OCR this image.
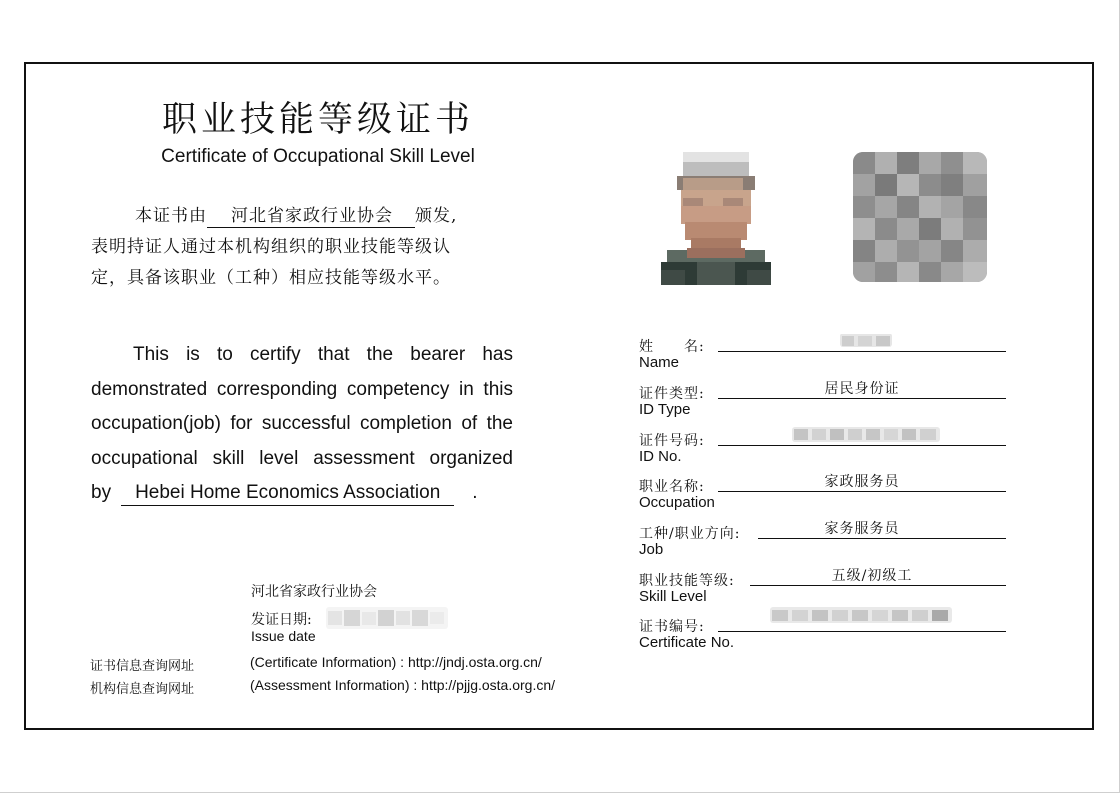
职业技能等级证书
Certificate of Occupational Skill Level
本证书由 河北省家政行业协会 颁发,
表明持证人通过本机构组织的职业技能等级认
定，具备该职业（工种）相应技能等级水平。
This is to certify that the bearer has
demonstrated corresponding competency in this
occupation(job) for successful completion of the
occupational skill level assessment organized
by Hebei Home Economics Association .
河北省家政行业协会
发证日期:
Issue date
证书信息查询网址	(Certificate Information) : http://jndj.osta.org.cn/
机构信息查询网址	(Assessment Information) : http://pjjg.osta.org.cn/
姓　　名:
Name
证件类型:
ID Type
居民身份证
证件号码:
ID No.
职业名称:
Occupation
家政服务员
工种/职业方向:
Job
家务服务员
职业技能等级:
Skill Level
五级/初级工
证书编号:
Certificate No.
